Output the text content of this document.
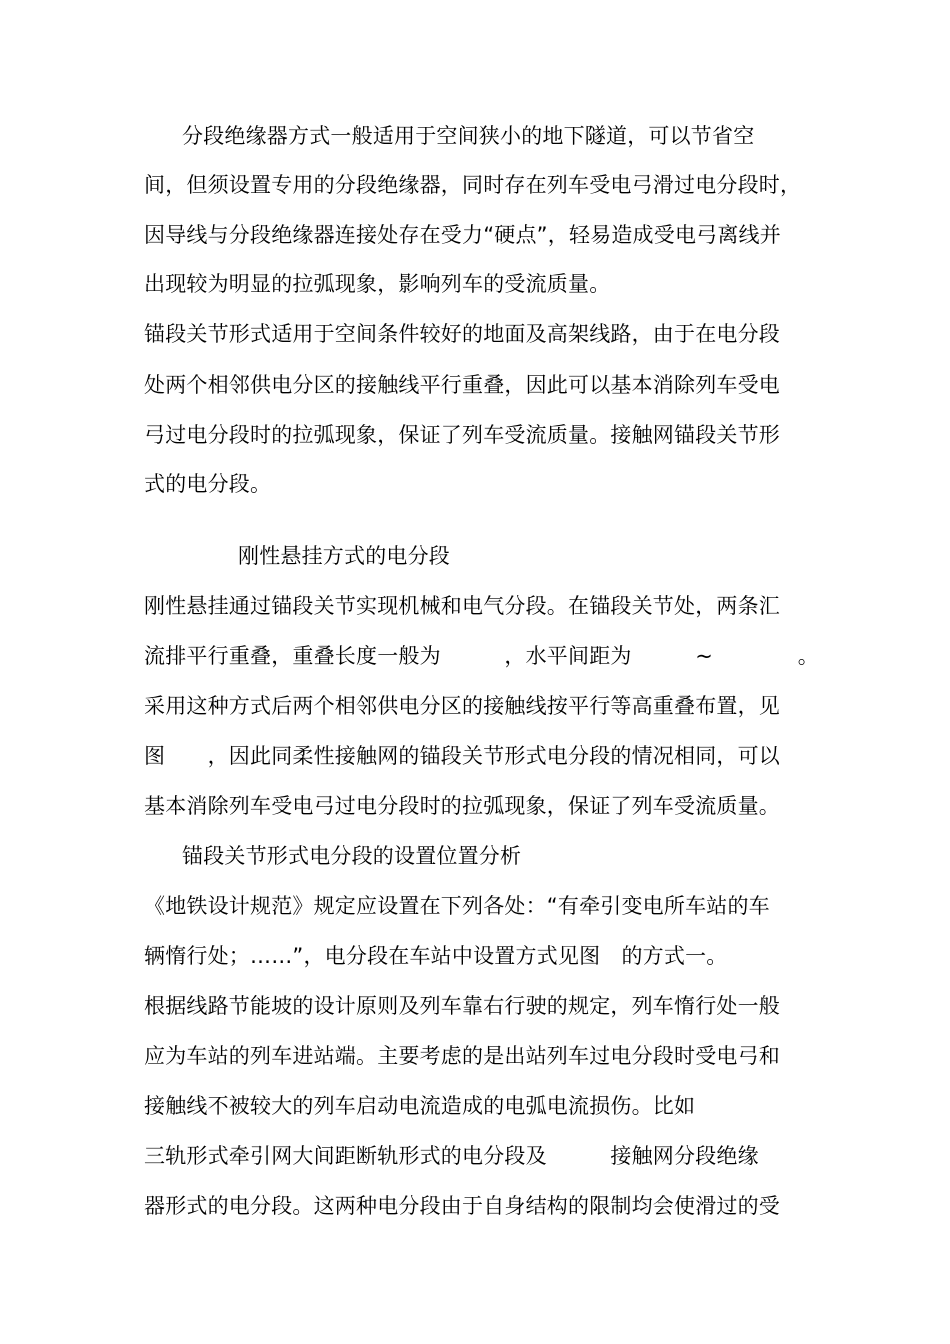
分段绝缘器方式一般适用于空间狭小的地下隧道，可以节省空
间，但须设置专用的分段绝缘器，同时存在列车受电弓滑过电分段时，
因导线与分段绝缘器连接处存在受力“硬点”，轻易造成受电弓离线并
出现较为明显的拉弧现象，影响列车的受流质量。
锚段关节形式适用于空间条件较好的地面及高架线路，由于在电分段
处两个相邻供电分区的接触线平行重叠，因此可以基本消除列车受电
弓过电分段时的拉弧现象，保证了列车受流质量。接触网锚段关节形
式的电分段。
刚性悬挂方式的电分段
刚性悬挂通过锚段关节实现机械和电气分段。在锚段关节处，两条汇
流排平行重叠，重叠长度一般为　　　，水平间距为　　　~　　　　。
采用这种方式后两个相邻供电分区的接触线按平行等高重叠布置，见
图　　，因此同柔性接触网的锚段关节形式电分段的情况相同，可以
基本消除列车受电弓过电分段时的拉弧现象，保证了列车受流质量。
锚段关节形式电分段的设置位置分析
《地铁设计规范》规定应设置在下列各处：“有牵引变电所车站的车
辆惰行处；……”，电分段在车站中设置方式见图　的方式一。
根据线路节能坡的设计原则及列车靠右行驶的规定，列车惰行处一般
应为车站的列车进站端。主要考虑的是出站列车过电分段时受电弓和
接触线不被较大的列车启动电流造成的电弧电流损伤。比如
三轨形式牵引网大间距断轨形式的电分段及　　　接触网分段绝缘
器形式的电分段。这两种电分段由于自身结构的限制均会使滑过的受
